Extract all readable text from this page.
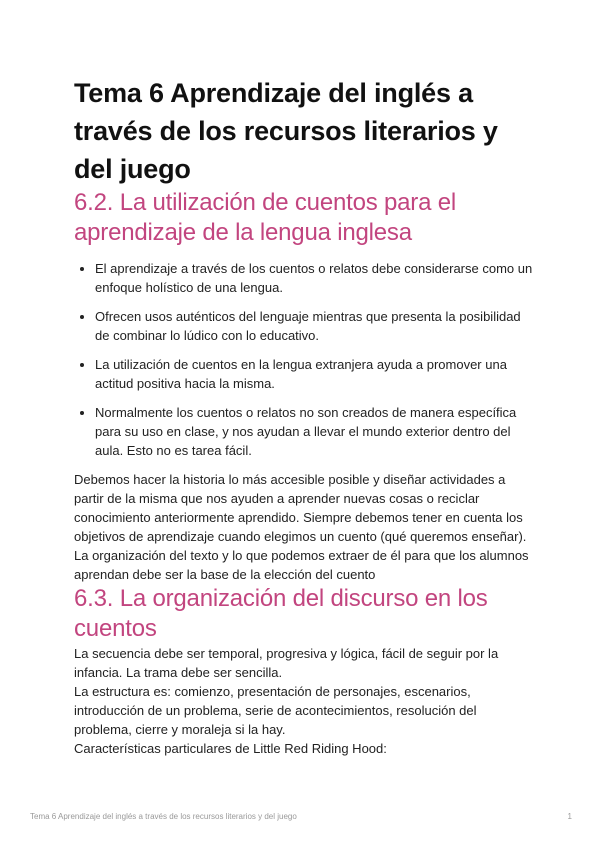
Tema 6 Aprendizaje del inglés a través de los recursos literarios y del juego
6.2. La utilización de cuentos para el aprendizaje de la lengua inglesa
• El aprendizaje a través de los cuentos o relatos debe considerarse como un enfoque holístico de una lengua.
• Ofrecen usos auténticos del lenguaje mientras que presenta la posibilidad de combinar lo lúdico con lo educativo.
• La utilización de cuentos en la lengua extranjera ayuda a promover una actitud positiva hacia la misma.
• Normalmente los cuentos o relatos no son creados de manera específica para su uso en clase, y nos ayudan a llevar el mundo exterior dentro del aula. Esto no es tarea fácil.

Debemos hacer la historia lo más accesible posible y diseñar actividades a partir de la misma que nos ayuden a aprender nuevas cosas o reciclar conocimiento anteriormente aprendido. Siempre debemos tener en cuenta los objetivos de aprendizaje cuando elegimos un cuento (qué queremos enseñar). La organización del texto y lo que podemos extraer de él para que los alumnos aprendan debe ser la base de la elección del cuento

6.3. La organización del discurso en los cuentos

La secuencia debe ser temporal, progresiva y lógica, fácil de seguir por la infancia. La trama debe ser sencilla.

La estructura es: comienzo, presentación de personajes, escenarios, introducción de un problema, serie de acontecimientos, resolución del problema, cierre y moraleja si la hay.

Características particulares de Little Red Riding Hood:

Tema 6 Aprendizaje del inglés a través de los recursos literarios y del juego	1
